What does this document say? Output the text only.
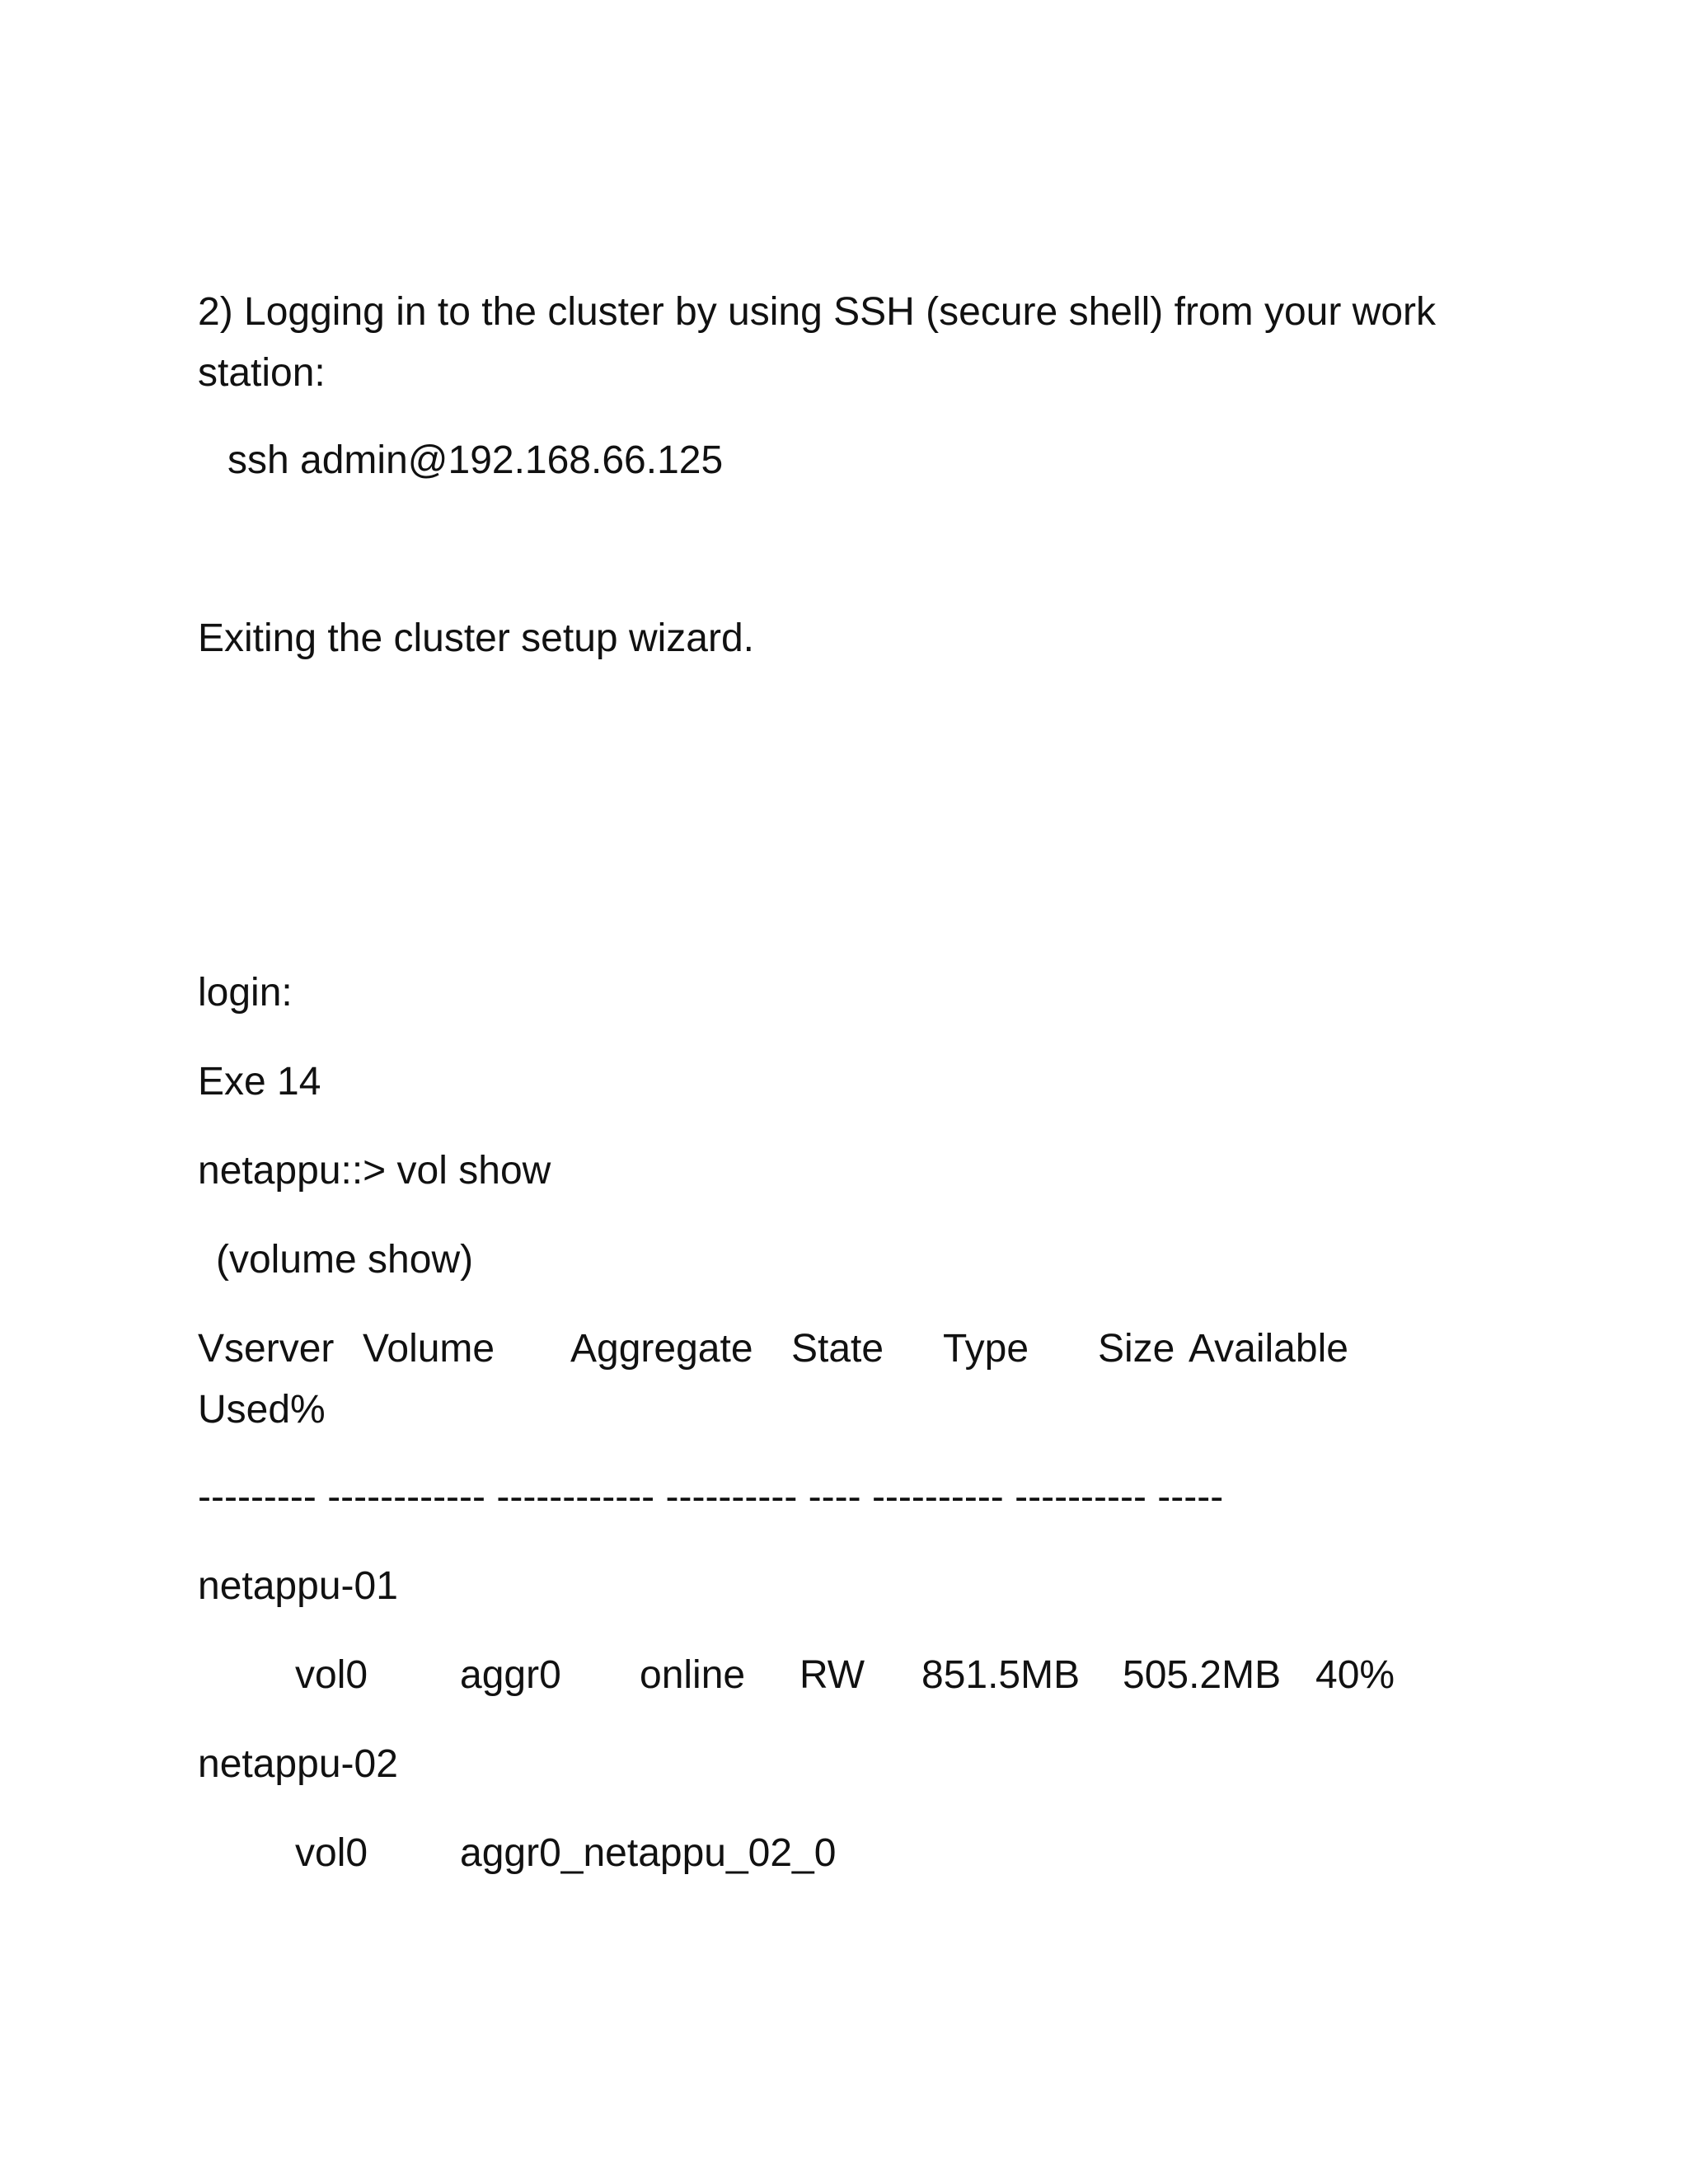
2) Logging in to the cluster by using SSH (secure shell) from your work

station:

ssh admin@192.168.66.125

Exiting the cluster setup wizard.

login:

Exe 14

netappu::> vol show

(volume show)

Vserver Volume Aggregate State Type Size Available
Used%

--------- ------------ ------------ ---------- ---- ---------- ---------- -----

netappu-01

vol0 aggr0 online RW 851.5MB 505.2MB 40%

netappu-02

vol0 aggr0_netappu_02_0
